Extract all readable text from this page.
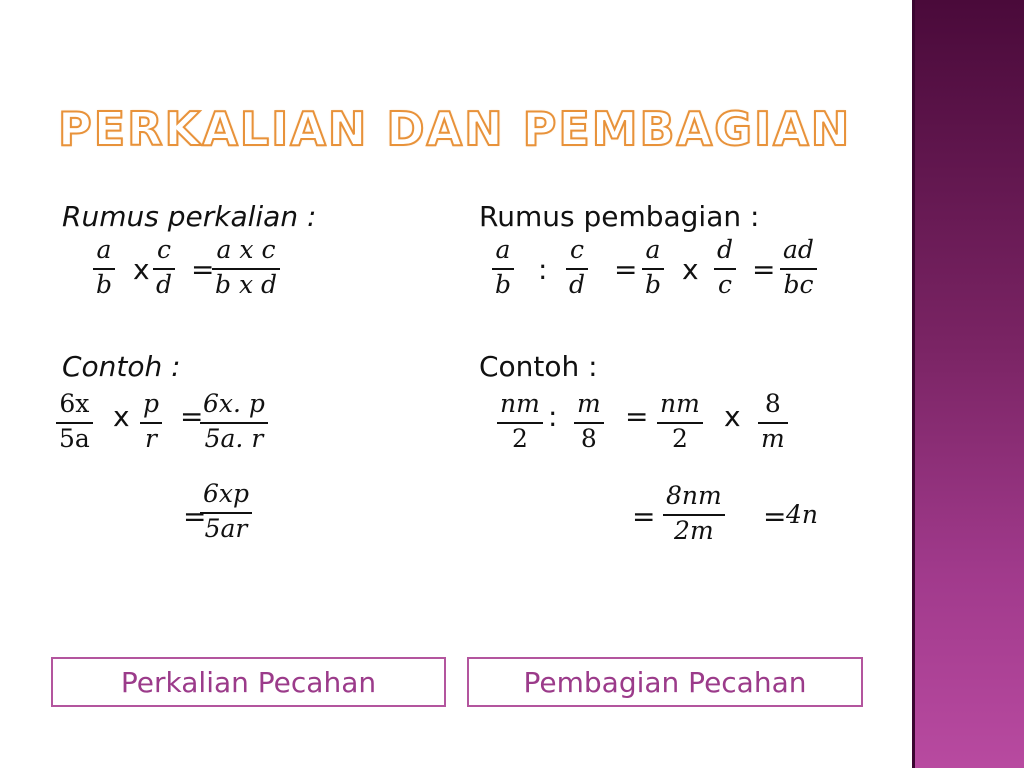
PERKALIAN DAN PEMBAGIAN
Rumus perkalian :
a
b x
c
d =
a x c
b x d
Contoh :
6x
5a
x p
r
= 6x. p
5a. r
=
6xp
5ar
Rumus pembagian :
a
b :
c
d =
a
b x
d
c =
ad
bc
Contoh :
nm
2
: m
8
= nm
2
x 8
m
=
8nm
2m = 4n
Perkalian Pecahan	Pembagian Pecahan
